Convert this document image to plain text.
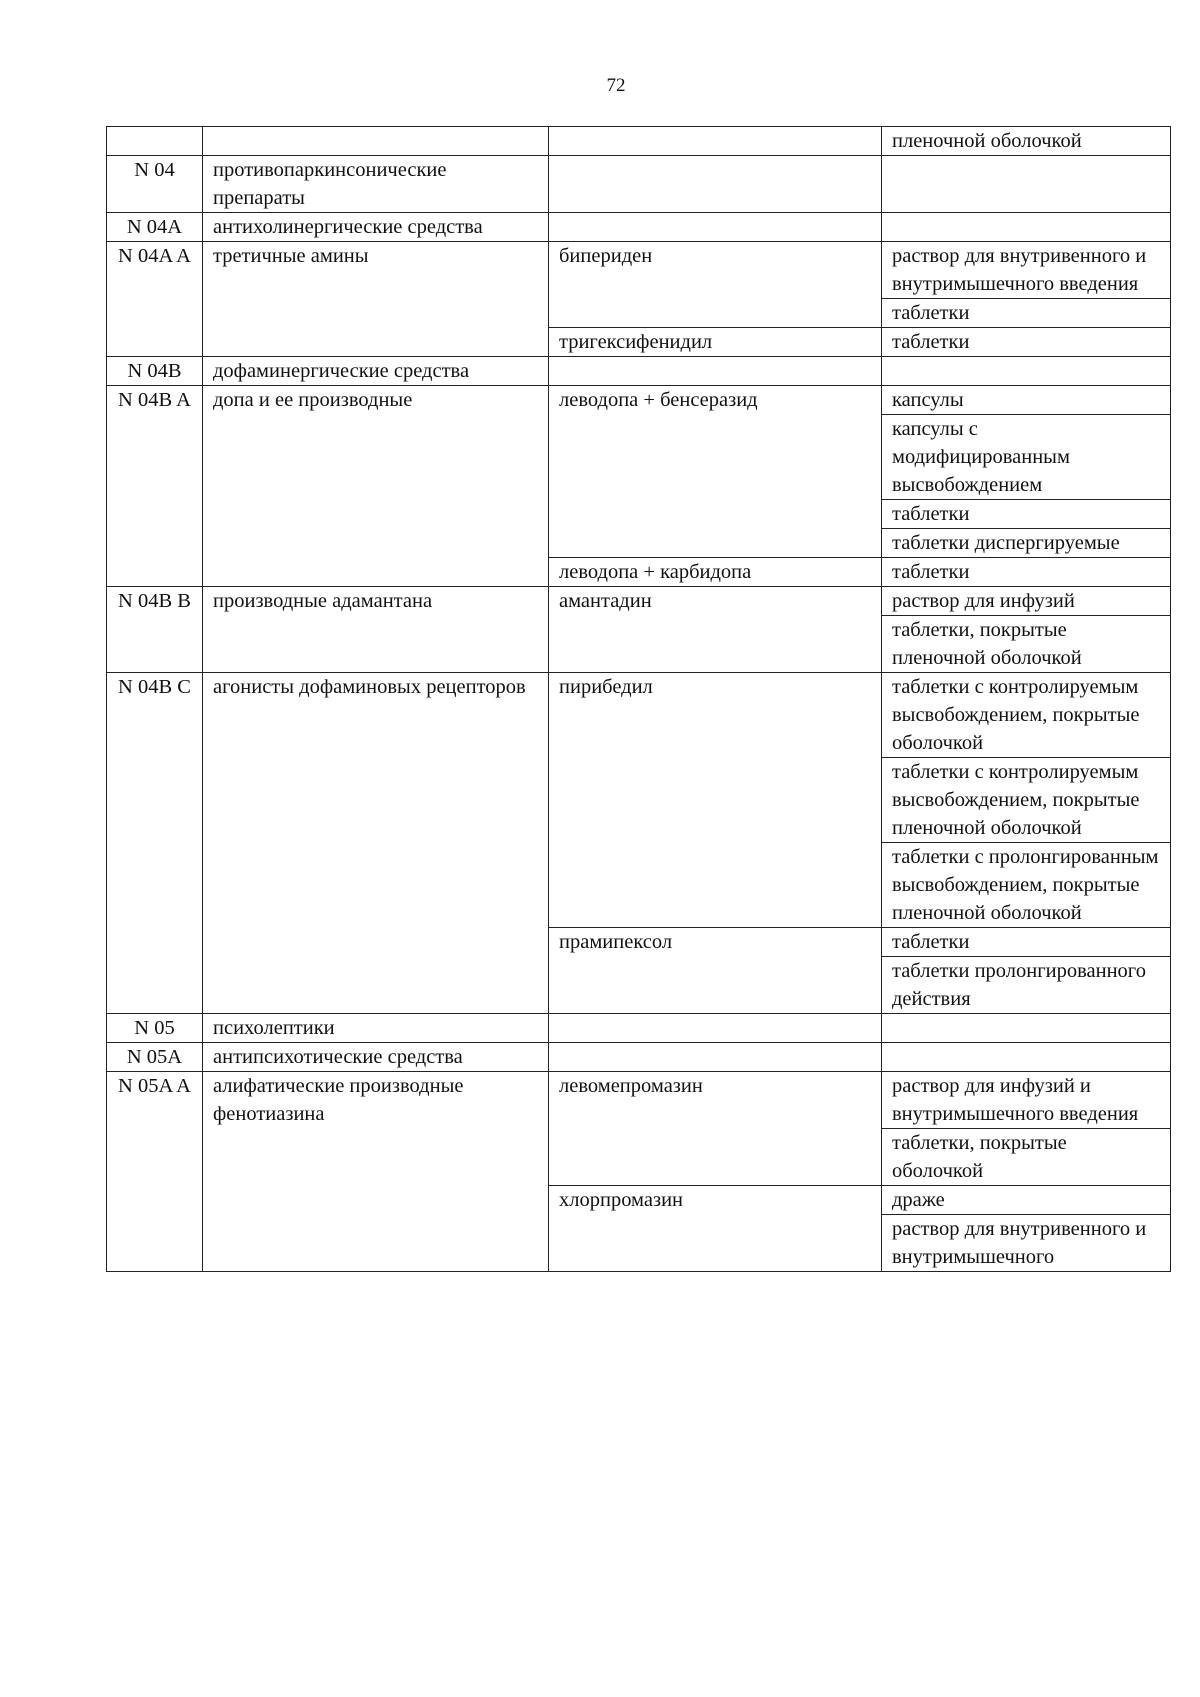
72

			пленочной оболочкой

N 04	противопаркинсонические препараты		

N 04A	антихолинергические средства		

N 04A A	третичные амины	бипериден	раствор для внутривенного и внутримышечного введения
таблетки

		тригексифенидил	таблетки

N 04B	дофаминергические средства		

N 04B A	допа и ее производные	леводопа + бенсеразид	капсулы
капсулы с модифицированным высвобождением
таблетки
таблетки диспергируемые

		леводопа + карбидопа	таблетки

N 04B B	производные адамантана	амантадин	раствор для инфузий
таблетки, покрытые пленочной оболочкой

N 04B C	агонисты дофаминовых рецепторов	пирибедил	таблетки с контролируемым высвобождением, покрытые оболочкой
таблетки с контролируемым высвобождением, покрытые пленочной оболочкой
таблетки с пролонгированным высвобождением, покрытые пленочной оболочкой

		прамипексол	таблетки
таблетки пролонгированного действия

N 05	психолептики		

N 05A	антипсихотические средства		

N 05A A	алифатические производные фенотиазина	левомепромазин	раствор для инфузий и внутримышечного введения
таблетки, покрытые оболочкой

		хлорпромазин	драже
раствор для внутривенного и внутримышечного
